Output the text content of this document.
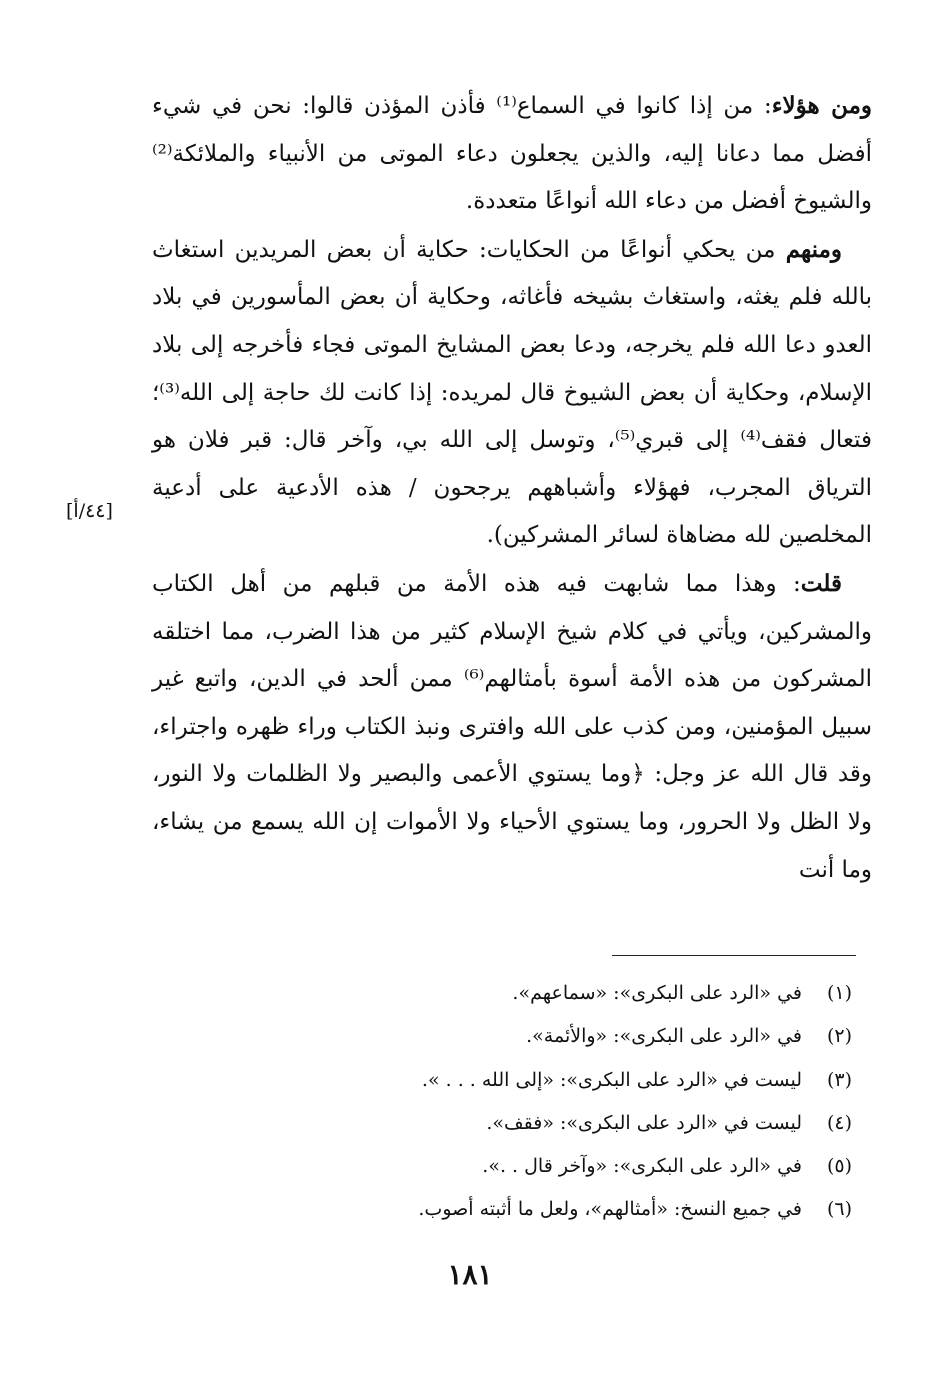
ومن هؤلاء: من إذا كانوا في السماع⁽¹⁾ فأذن المؤذن قالوا: نحن في شيء أفضل مما دعانا إليه، والذين يجعلون دعاء الموتى من الأنبياء والملائكة⁽²⁾ والشيوخ أفضل من دعاء الله أنواعًا متعددة.

ومنهم من يحكي أنواعًا من الحكايات: حكاية أن بعض المريدين استغاث بالله فلم يغثه، واستغاث بشيخه فأغاثه، وحكاية أن بعض المأسورين في بلاد العدو دعا الله فلم يخرجه، ودعا بعض المشايخ الموتى فجاء فأخرجه إلى بلاد الإسلام، وحكاية أن بعض الشيوخ قال لمريده: إذا كانت لك حاجة إلى الله⁽³⁾؛ فتعال فقف⁽⁴⁾ إلى قبري⁽⁵⁾، وتوسل إلى الله بي، وآخر قال: قبر فلان هو الترياق المجرب، فهؤلاء وأشباههم يرجحون / هذه الأدعية على أدعية المخلصين لله مضاهاة لسائر المشركين).

قلت: وهذا مما شابهت فيه هذه الأمة من قبلهم من أهل الكتاب والمشركين، ويأتي في كلام شيخ الإسلام كثير من هذا الضرب، مما اختلقه المشركون من هذه الأمة أسوة بأمثالهم⁽⁶⁾ ممن ألحد في الدين، واتبع غير سبيل المؤمنين، ومن كذب على الله وافترى ونبذ الكتاب وراء ظهره واجتراء، وقد قال الله عز وجل: ﴿وما يستوي الأعمى والبصير ولا الظلمات ولا النور، ولا الظل ولا الحرور، وما يستوي الأحياء ولا الأموات إن الله يسمع من يشاء، وما أنت

[٤٤/أ]
(١)
في «الرد على البكرى»: «سماعهم».
(٢)
في «الرد على البكرى»: «والأئمة».
(٣)
ليست في «الرد على البكرى»: «إلى الله . . . ».
(٤)
ليست في «الرد على البكرى»: «فقف».
(٥)
في «الرد على البكرى»: «وآخر قال . .».
(٦)
في جميع النسخ: «أمثالهم»، ولعل ما أثبته أصوب.
١٨١
